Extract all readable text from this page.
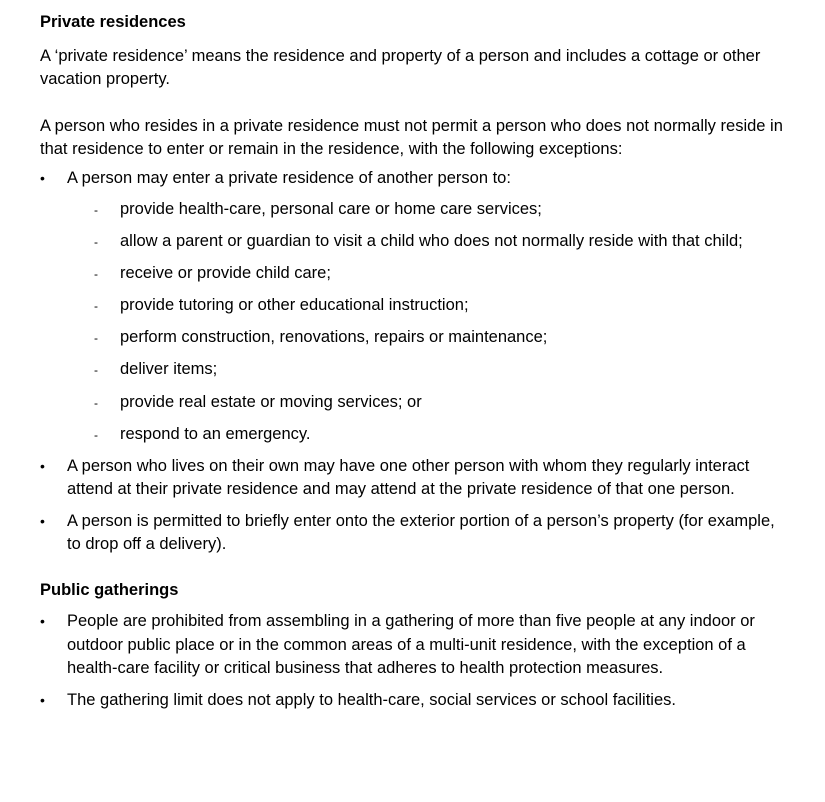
Private residences

A ‘private residence’ means the residence and property of a person and includes a cottage or other vacation property.

A person who resides in a private residence must not permit a person who does not normally reside in that residence to enter or remain in the residence, with the following exceptions:

• A person may enter a private residence of another person to:
- provide health-care, personal care or home care services;
- allow a parent or guardian to visit a child who does not normally reside with that child;
- receive or provide child care;
- provide tutoring or other educational instruction;
- perform construction, renovations, repairs or maintenance;
- deliver items;
- provide real estate or moving services; or
- respond to an emergency.
• A person who lives on their own may have one other person with whom they regularly interact attend at their private residence and may attend at the private residence of that one person.
• A person is permitted to briefly enter onto the exterior portion of a person’s property (for example, to drop off a delivery).
Public gatherings
• People are prohibited from assembling in a gathering of more than five people at any indoor or outdoor public place or in the common areas of a multi-unit residence, with the exception of a health-care facility or critical business that adheres to health protection measures.
• The gathering limit does not apply to health-care, social services or school facilities.
